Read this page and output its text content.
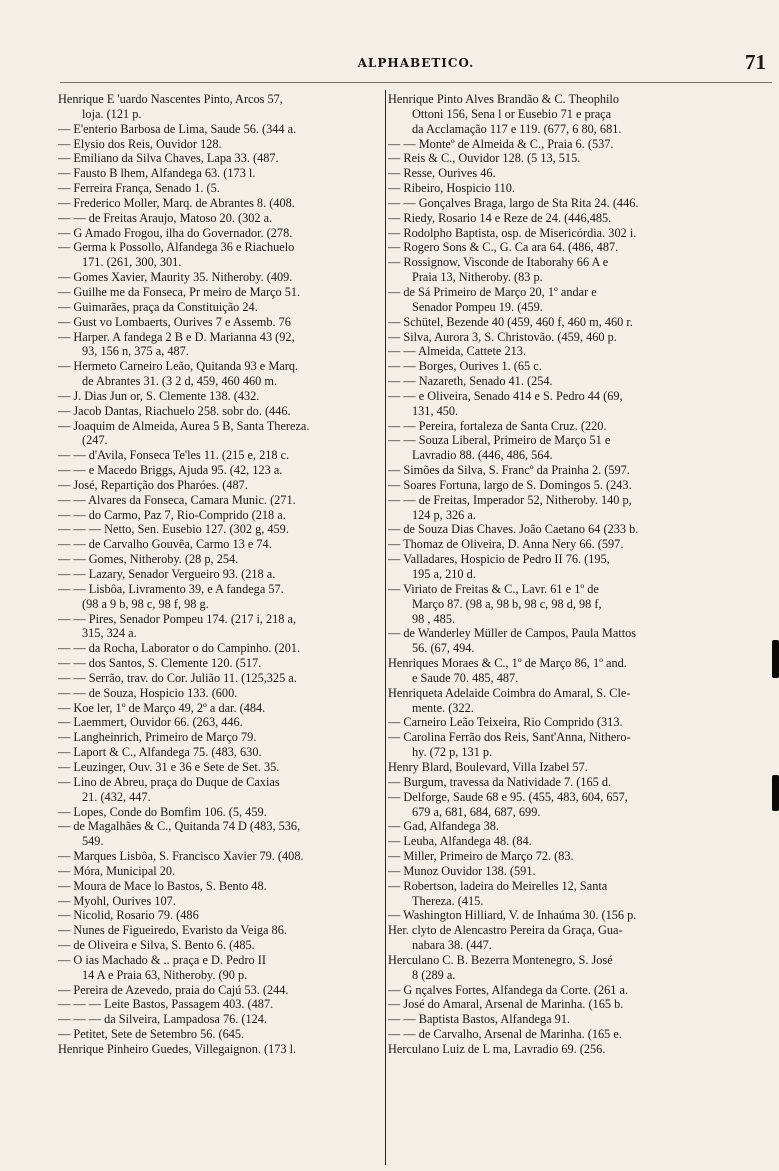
ALPHABETICO.	71
Henrique E 'uardo Nascentes Pinto, Arcos 57,
loja. (121 p.
— E'enterio Barbosa de Lima, Saude 56. (344 a.
— Elysio dos Reis, Ouvidor 128.
— Emiliano da Silva Chaves, Lapa 33. (487.
— Fausto B lhem, Alfandega 63. (173 l.
— Ferreira França, Senado 1. (5.
— Frederico Moller, Marq. de Abrantes 8. (408.
— — de Freitas Araujo, Matoso 20. (302 a.
— G Amado Frogou, ilha do Governador. (278.
— Germa k Possollo, Alfandega 36 e Riachuelo
171. (261, 300, 301.
— Gomes Xavier, Maurity 35. Nitheroby. (409.
— Guilhe me da Fonseca, Pr meiro de Março 51.
— Guimarães, praça da Constituição 24.
— Gust vo Lombaerts, Ourives 7 e Assemb. 76
— Harper. A fandega 2 B e D. Marianna 43 (92,
93, 156 n, 375 a, 487.
— Hermeto Carneiro Leão, Quitanda 93 e Marq.
de Abrantes 31. (3 2 d, 459, 460 460 m.
— J. Dias Jun or, S. Clemente 138. (432.
— Jacob Dantas, Riachuelo 258. sobr do. (446.
— Joaquim de Almeida, Aurea 5 B, Santa Thereza.
(247.
— — d'Avila, Fonseca Te'les 11. (215 e, 218 c.
— — e Macedo Briggs, Ajuda 95. (42, 123 a.
— José, Repartição dos Pharóes. (487.
— — Alvares da Fonseca, Camara Munic. (271.
— — do Carmo, Paz 7, Rio-Comprido (218 a.
— — — Netto, Sen. Eusebio 127. (302 g, 459.
— — de Carvalho Gouvêa, Carmo 13 e 74.
— — Gomes, Nitheroby. (28 p, 254.
— — Lazary, Senador Vergueiro 93. (218 a.
— — Lisbôa, Livramento 39, e A fandega 57.
(98 a 9 b, 98 c, 98 f, 98 g.
— — Pires, Senador Pompeu 174. (217 i, 218 a,
315, 324 a.
— — da Rocha, Laborator o do Campinho. (201.
— — dos Santos, S. Clemente 120. (517.
— — Serrão, trav. do Cor. Julião 11. (125,325 a.
— — de Souza, Hospicio 133. (600.
— Koe ler, 1º de Março 49, 2º a dar. (484.
— Laemmert, Ouvidor 66. (263, 446.
— Langheinrich, Primeiro de Março 79.
— Laport & C., Alfandega 75. (483, 630.
— Leuzinger, Ouv. 31 e 36 e Sete de Set. 35.
— Lino de Abreu, praça do Duque de Caxias
21. (432, 447.
— Lopes, Conde do Bomfim 106. (5, 459.
— de Magalhães & C., Quitanda 74 D (483, 536,
549.
— Marques Lisbôa, S. Francisco Xavier 79. (408.
— Móra, Municipal 20.
— Moura de Mace lo Bastos, S. Bento 48.
— Myohl, Ourives 107.
— Nicolid, Rosario 79. (486
— Nunes de Figueiredo, Evaristo da Veiga 86.
— de Oliveira e Silva, S. Bento 6. (485.
— O ias Machado & .. praça e D. Pedro II
14 A e Praia 63, Nitheroby. (90 p.
— Pereira de Azevedo, praia do Cajú 53. (244.
— — — Leite Bastos, Passagem 403. (487.
— — — da Silveira, Lampadosa 76. (124.
— Petitet, Sete de Setembro 56. (645.
Henrique Pinheiro Guedes, Villegaignon. (173 l.
Henrique Pinto Alves Brandão & C. Theophilo
Ottoni 156, Sena l or Eusebio 71 e praça
da Acclamação 117 e 119. (677, 6 80, 681.
— — Monteº de Almeida & C., Praia 6. (537.
— Reis & C., Ouvidor 128. (5 13, 515.
— Resse, Ourives 46.
— Ribeiro, Hospicio 110.
— — Gonçalves Braga, largo de Sta Rita 24. (446.
— Riedy, Rosario 14 e Reze de 24. (446,485.
— Rodolpho Baptista, osp. de Misericórdia. 302 i.
— Rogero Sons & C., G. Ca ara 64. (486, 487.
— Rossignow, Visconde de Itaborahy 66 A e
Praia 13, Nitheroby. (83 p.
— de Sá Primeiro de Março 20, 1º andar e
Senador Pompeu 19. (459.
— Schütel, Bezende 40 (459, 460 f, 460 m, 460 r.
— Silva, Aurora 3, S. Christovão. (459, 460 p.
— — Almeida, Cattete 213.
— — Borges, Ourives 1. (65 c.
— — Nazareth, Senado 41. (254.
— — e Oliveira, Senado 414 e S. Pedro 44 (69,
131, 450.
— — Pereira, fortaleza de Santa Cruz. (220.
— — Souza Liberal, Primeiro de Março 51 e
Lavradio 88. (446, 486, 564.
— Simões da Silva, S. Francº da Prainha 2. (597.
— Soares Fortuna, largo de S. Domingos 5. (243.
— — de Freitas, Imperador 52, Nitheroby. 140 p,
124 p, 326 a.
— de Souza Dias Chaves. João Caetano 64 (233 b.
— Thomaz de Oliveira, D. Anna Nery 66. (597.
— Valladares, Hospicio de Pedro II 76. (195,
195 a, 210 d.
— Viriato de Freitas & C., Lavr. 61 e 1º de
Março 87. (98 a, 98 b, 98 c, 98 d, 98 f,
98 , 485.
— de Wanderley Müller de Campos, Paula Mattos
56. (67, 494.
Henriques Moraes & C., 1º de Março 86, 1º and.
e Saude 70. 485, 487.
Henriqueta Adelaide Coimbra do Amaral, S. Cle-
mente. (322.
— Carneiro Leão Teixeira, Rio Comprido (313.
— Carolina Ferrão dos Reis, Sant'Anna, Nithero-
hy. (72 p, 131 p.
Henry Blard, Boulevard, Villa Izabel 57.
— Burgum, travessa da Natividade 7. (165 d.
— Delforge, Saude 68 e 95. (455, 483, 604, 657,
679 a, 681, 684, 687, 699.
— Gad, Alfandega 38.
— Leuba, Alfandega 48. (84.
— Miller, Primeiro de Março 72. (83.
— Munoz Ouvidor 138. (591.
— Robertson, ladeira do Meirelles 12, Santa
Thereza. (415.
— Washington Hilliard, V. de Inhaúma 30. (156 p.
Her. clyto de Alencastro Pereira da Graça, Gua-
nabara 38. (447.
Herculano C. B. Bezerra Montenegro, S. José
8 (289 a.
— G nçalves Fortes, Alfandega da Corte. (261 a.
— José do Amaral, Arsenal de Marinha. (165 b.
— — Baptista Bastos, Alfandega 91.
— — de Carvalho, Arsenal de Marinha. (165 e.
Herculano Luiz de L ma, Lavradio 69. (256.
